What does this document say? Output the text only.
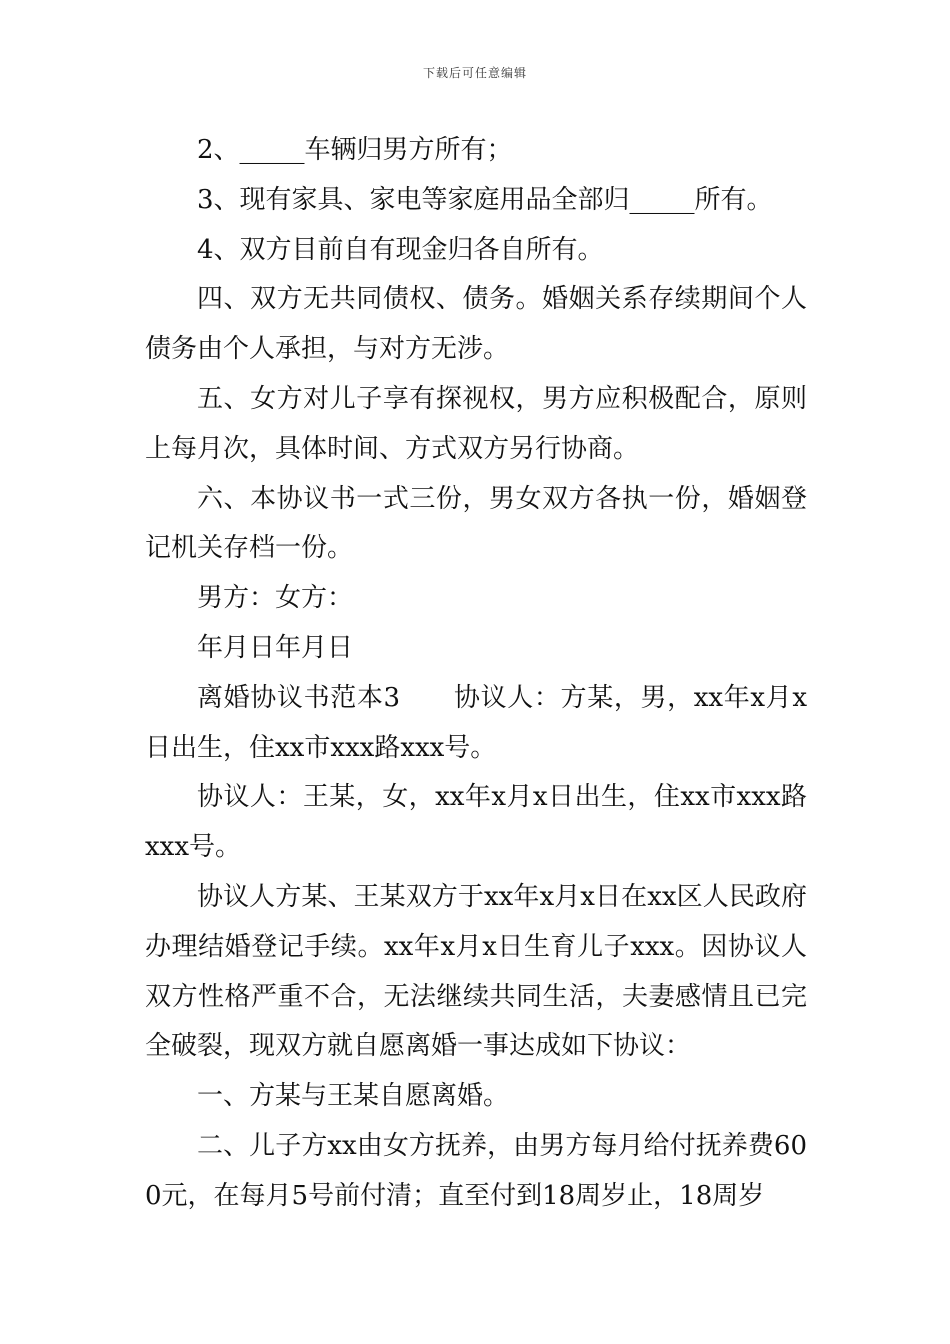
下载后可任意编辑

2、_____车辆归男方所有；

3、现有家具、家电等家庭用品全部归_____所有。

4、双方目前自有现金归各自所有。

四、双方无共同债权、债务。婚姻关系存续期间个人债务由个人承担，与对方无涉。

五、女方对儿子享有探视权，男方应积极配合，原则上每月次，具体时间、方式双方另行协商。

六、本协议书一式三份，男女双方各执一份，婚姻登记机关存档一份。

男方：女方：

年月日年月日

离婚协议书范本3　　协议人：方某，男，xx年x月x日出生，住xx市xxx路xxx号。

协议人：王某，女，xx年x月x日出生，住xx市xxx路xxx号。

协议人方某、王某双方于xx年x月x日在xx区人民政府办理结婚登记手续。xx年x月x日生育儿子xxx。因协议人双方性格严重不合，无法继续共同生活，夫妻感情且已完全破裂，现双方就自愿离婚一事达成如下协议：

一、方某与王某自愿离婚。

二、儿子方xx由女方抚养，由男方每月给付抚养费600元，在每月5号前付清；直至付到18周岁止，18周岁
